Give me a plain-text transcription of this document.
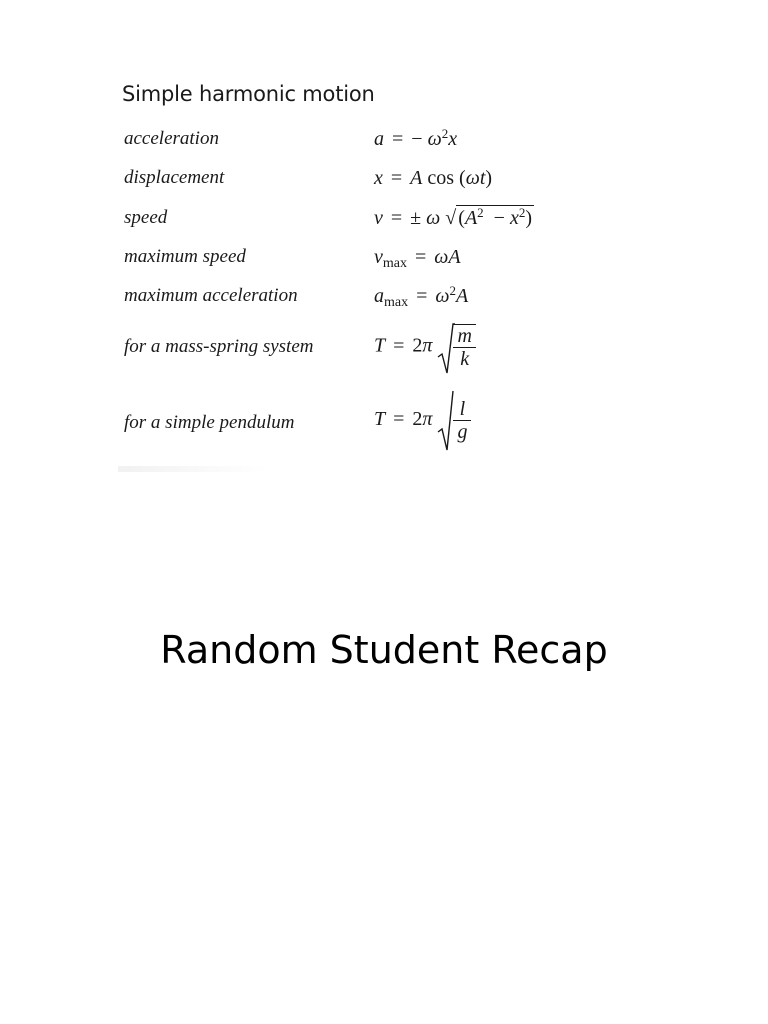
Simple harmonic motion
acceleration	a = − $\omega^2x$
displacement	x = A cos (ωt)
speed	v = ± ω √ $(A^2 - x^2)$
maximum speed	$v_{max} = \omega A$
maximum acceleration	$a_{max} = \omega^2A$
for a mass-spring system	$T = 2\pi \frac{m}{k}$
for a simple pendulum	$T = 2\pi \frac{l}{g}$
Random Student Recap
